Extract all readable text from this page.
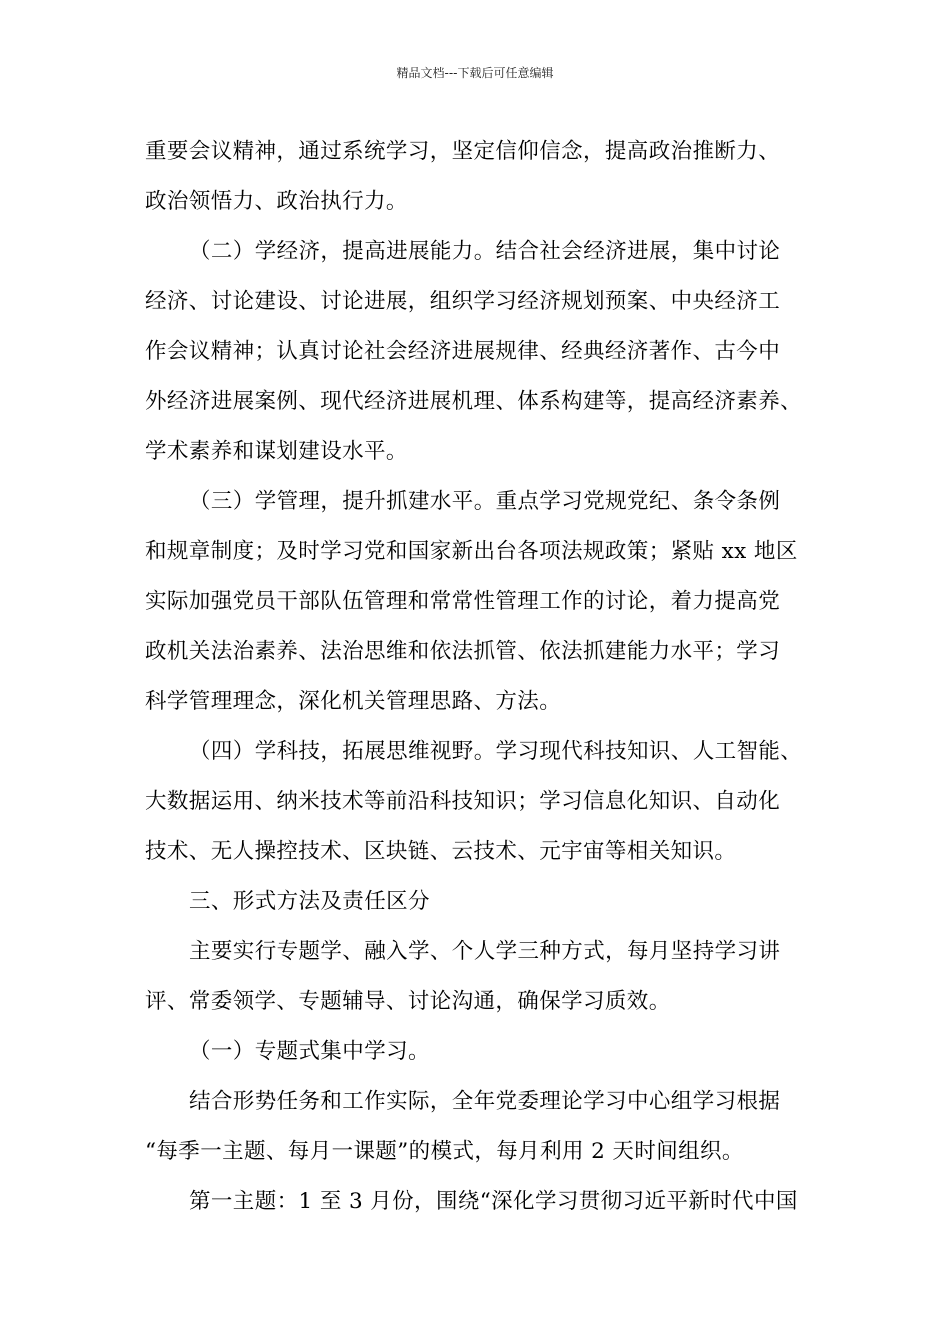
精品文档---下载后可任意编辑
重要会议精神，通过系统学习，坚定信仰信念，提高政治推断力、
政治领悟力、政治执行力。
（二）学经济，提高进展能力。结合社会经济进展，集中讨论
经济、讨论建设、讨论进展，组织学习经济规划预案、中央经济工
作会议精神；认真讨论社会经济进展规律、经典经济著作、古今中
外经济进展案例、现代经济进展机理、体系构建等，提高经济素养、
学术素养和谋划建设水平。
（三）学管理，提升抓建水平。重点学习党规党纪、条令条例
和规章制度；及时学习党和国家新出台各项法规政策；紧贴 xx 地区
实际加强党员干部队伍管理和常常性管理工作的讨论，着力提高党
政机关法治素养、法治思维和依法抓管、依法抓建能力水平；学习
科学管理理念，深化机关管理思路、方法。
（四）学科技，拓展思维视野。学习现代科技知识、人工智能、
大数据运用、纳米技术等前沿科技知识；学习信息化知识、自动化
技术、无人操控技术、区块链、云技术、元宇宙等相关知识。
三、形式方法及责任区分
主要实行专题学、融入学、个人学三种方式，每月坚持学习讲
评、常委领学、专题辅导、讨论沟通，确保学习质效。
（一）专题式集中学习。
结合形势任务和工作实际，全年党委理论学习中心组学习根据
“每季一主题、每月一课题”的模式，每月利用 2 天时间组织。
第一主题：1 至 3 月份，围绕“深化学习贯彻习近平新时代中国
